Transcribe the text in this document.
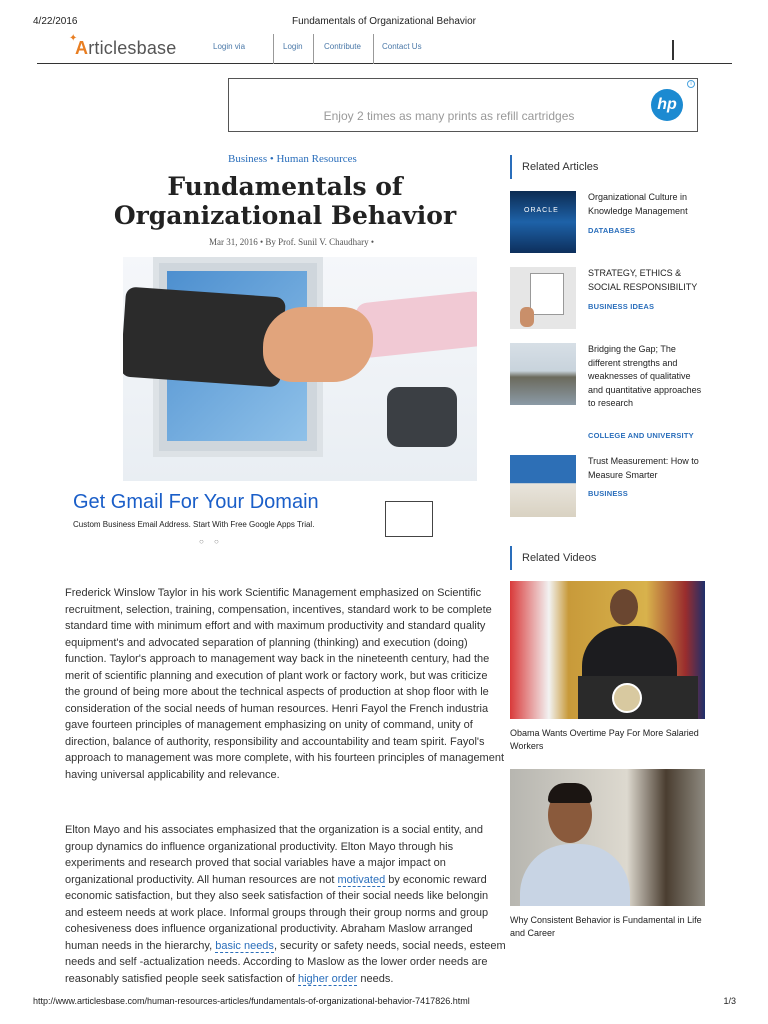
4/22/2016	Fundamentals of Organizational Behavior
✦
Articlesbase	Login via	Login	Contribute	Contact Us
i
Enjoy 2 times as many prints as refill cartridges
hp
Business • Human Resources
Fundamentals of Organizational Behavior
Mar 31, 2016 • By Prof. Sunil V. Chaudhary •
Get Gmail For Your Domain
Custom Business Email Address. Start With Free Google Apps Trial.
○ ○
Frederick Winslow Taylor in his work Scientific Management emphasized on Scientific
recruitment, selection, training, compensation, incentives, standard work to be complete
standard time with minimum effort and with maximum productivity and standard quality
equipment's and advocated separation of planning (thinking) and execution (doing)
function. Taylor's approach to management way back in the nineteenth century, had the
merit of scientific planning and execution of plant work or factory work, but was criticize
the ground of being more about the technical aspects of production at shop floor with le
consideration of the social needs of human resources. Henri Fayol the French industria
gave fourteen principles of management emphasizing on unity of command, unity of
direction, balance of authority, responsibility and accountability and team spirit. Fayol's
approach to management was more complete, with his fourteen principles of management
having universal applicability and relevance.
Elton Mayo and his associates emphasized that the organization is a social entity, and
group dynamics do influence organizational productivity. Elton Mayo through his
experiments and research proved that social variables have a major impact on
organizational productivity. All human resources are not motivated by economic reward
economic satisfaction, but they also seek satisfaction of their social needs like belongin
and esteem needs at work place. Informal groups through their group norms and group
cohesiveness does influence organizational productivity. Abraham Maslow arranged
human needs in the hierarchy, basic needs, security or safety needs, social needs, esteem
needs and self -actualization needs. According to Maslow as the lower order needs are
reasonably satisfied people seek satisfaction of higher order needs.
Related Articles
ORACLE
Organizational Culture in Knowledge Management
DATABASES
STRATEGY, ETHICS & SOCIAL RESPONSIBILITY
BUSINESS IDEAS
Bridging the Gap; The different strengths and weaknesses of qualitative and quantitative approaches to research
COLLEGE AND UNIVERSITY
Trust Measurement: How to Measure Smarter
BUSINESS
Related Videos
Obama Wants Overtime Pay For More Salaried Workers
Why Consistent Behavior is Fundamental in Life and Career
http://www.articlesbase.com/human-resources-articles/fundamentals-of-organizational-behavior-7417826.html	1/3
